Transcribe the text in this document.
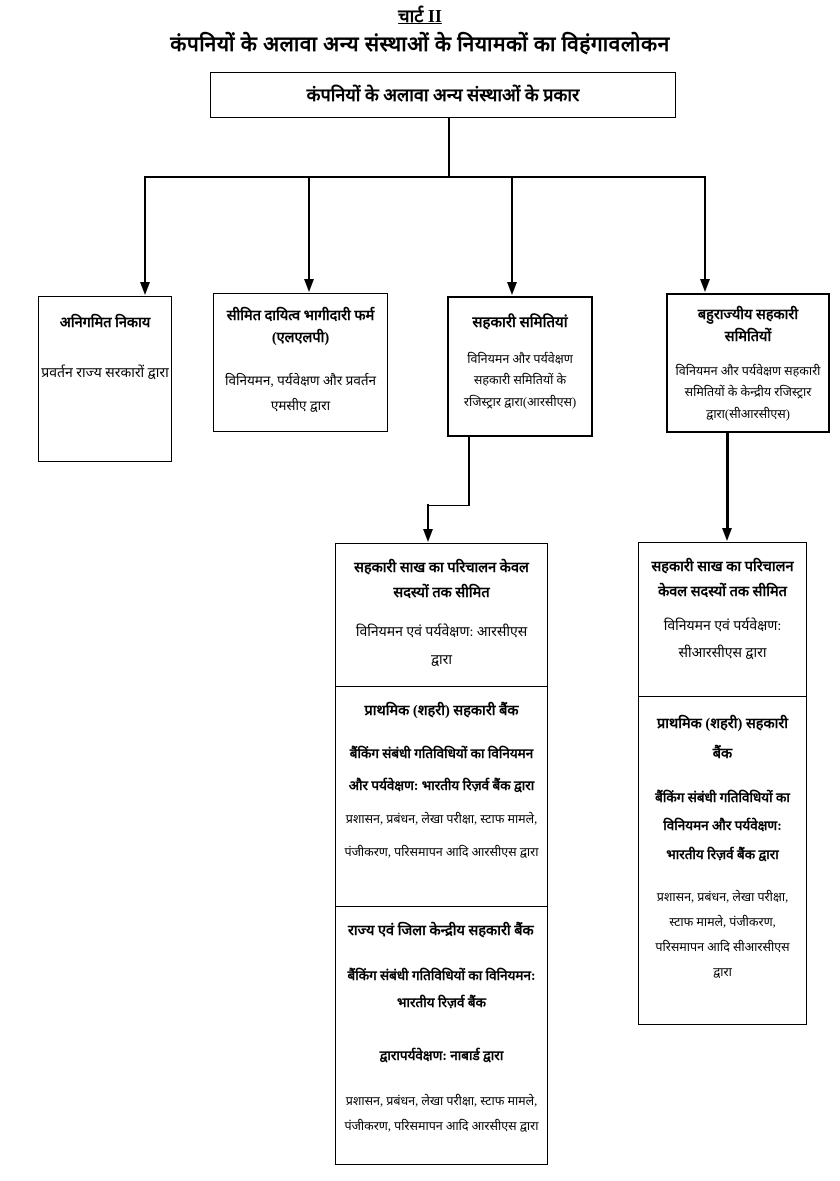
चार्ट II
कंपनियों के अलावा अन्य संस्थाओं के नियामकों का विहंगावलोकन
कंपनियों के अलावा अन्य संस्थाओं के प्रकार
अनिगमित निकाय
प्रवर्तन राज्य सरकारों द्वारा
सीमित दायित्व भागीदारी फर्म (एलएलपी)
विनियमन, पर्यवेक्षण और प्रवर्तन एमसीए द्वारा
सहकारी समितियां
विनियमन और पर्यवेक्षण सहकारी समितियों के रजिस्ट्रार द्वारा(आरसीएस)
बहुराज्यीय सहकारी समितियों
विनियमन और पर्यवेक्षण सहकारी समितियों के केन्द्रीय रजिस्ट्रार द्वारा(सीआरसीएस)
सहकारी साख का परिचालन केवल सदस्यों तक सीमित
विनियमन एवं पर्यवेक्षण: आरसीएस द्वारा
प्राथमिक (शहरी) सहकारी बैंक
बैंकिंग संबंधी गतिविधियों का विनियमन और पर्यवेक्षण: भारतीय रिज़र्व बैंक द्वारा प्रशासन, प्रबंधन, लेखा परीक्षा, स्टाफ मामले, पंजीकरण, परिसमापन आदि आरसीएस द्वारा
राज्य एवं जिला केन्द्रीय सहकारी बैंक
बैंकिंग संबंधी गतिविधियों का विनियमन: भारतीय रिज़र्व बैंक
द्वारापर्यवेक्षण: नाबार्ड द्वारा
प्रशासन, प्रबंधन, लेखा परीक्षा, स्टाफ मामले, पंजीकरण, परिसमापन आदि आरसीएस द्वारा
सहकारी साख का परिचालन केवल सदस्यों तक सीमित
विनियमन एवं पर्यवेक्षण: सीआरसीएस द्वारा
प्राथमिक (शहरी) सहकारी बैंक
बैंकिंग संबंधी गतिविधियों का विनियमन और पर्यवेक्षण: भारतीय रिज़र्व बैंक द्वारा
प्रशासन, प्रबंधन, लेखा परीक्षा, स्टाफ मामले, पंजीकरण, परिसमापन आदि सीआरसीएस द्वारा
